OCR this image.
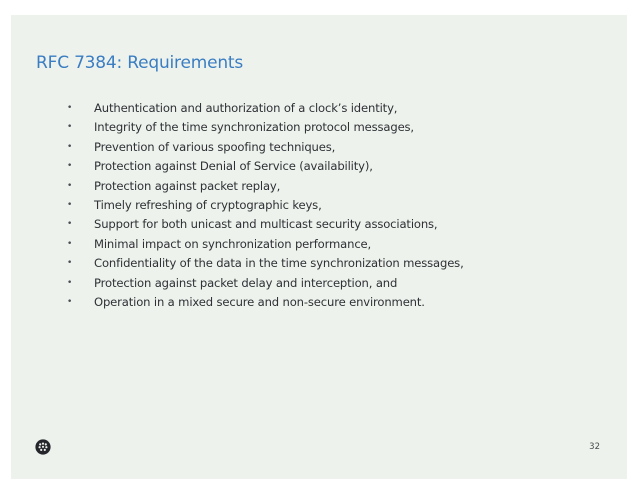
RFC 7384: Requirements
•	Authentication and authorization of a clock’s identity,
•	Integrity of the time synchronization protocol messages,
•	Prevention of various spoofing techniques,
•	Protection against Denial of Service (availability),
•	Protection against packet replay,
•	Timely refreshing of cryptographic keys,
•	Support for both unicast and multicast security associations,
•	Minimal impact on synchronization performance,
•	Confidentiality of the data in the time synchronization messages,
•	Protection against packet delay and interception, and
•	Operation in a mixed secure and non-secure environment.
32
